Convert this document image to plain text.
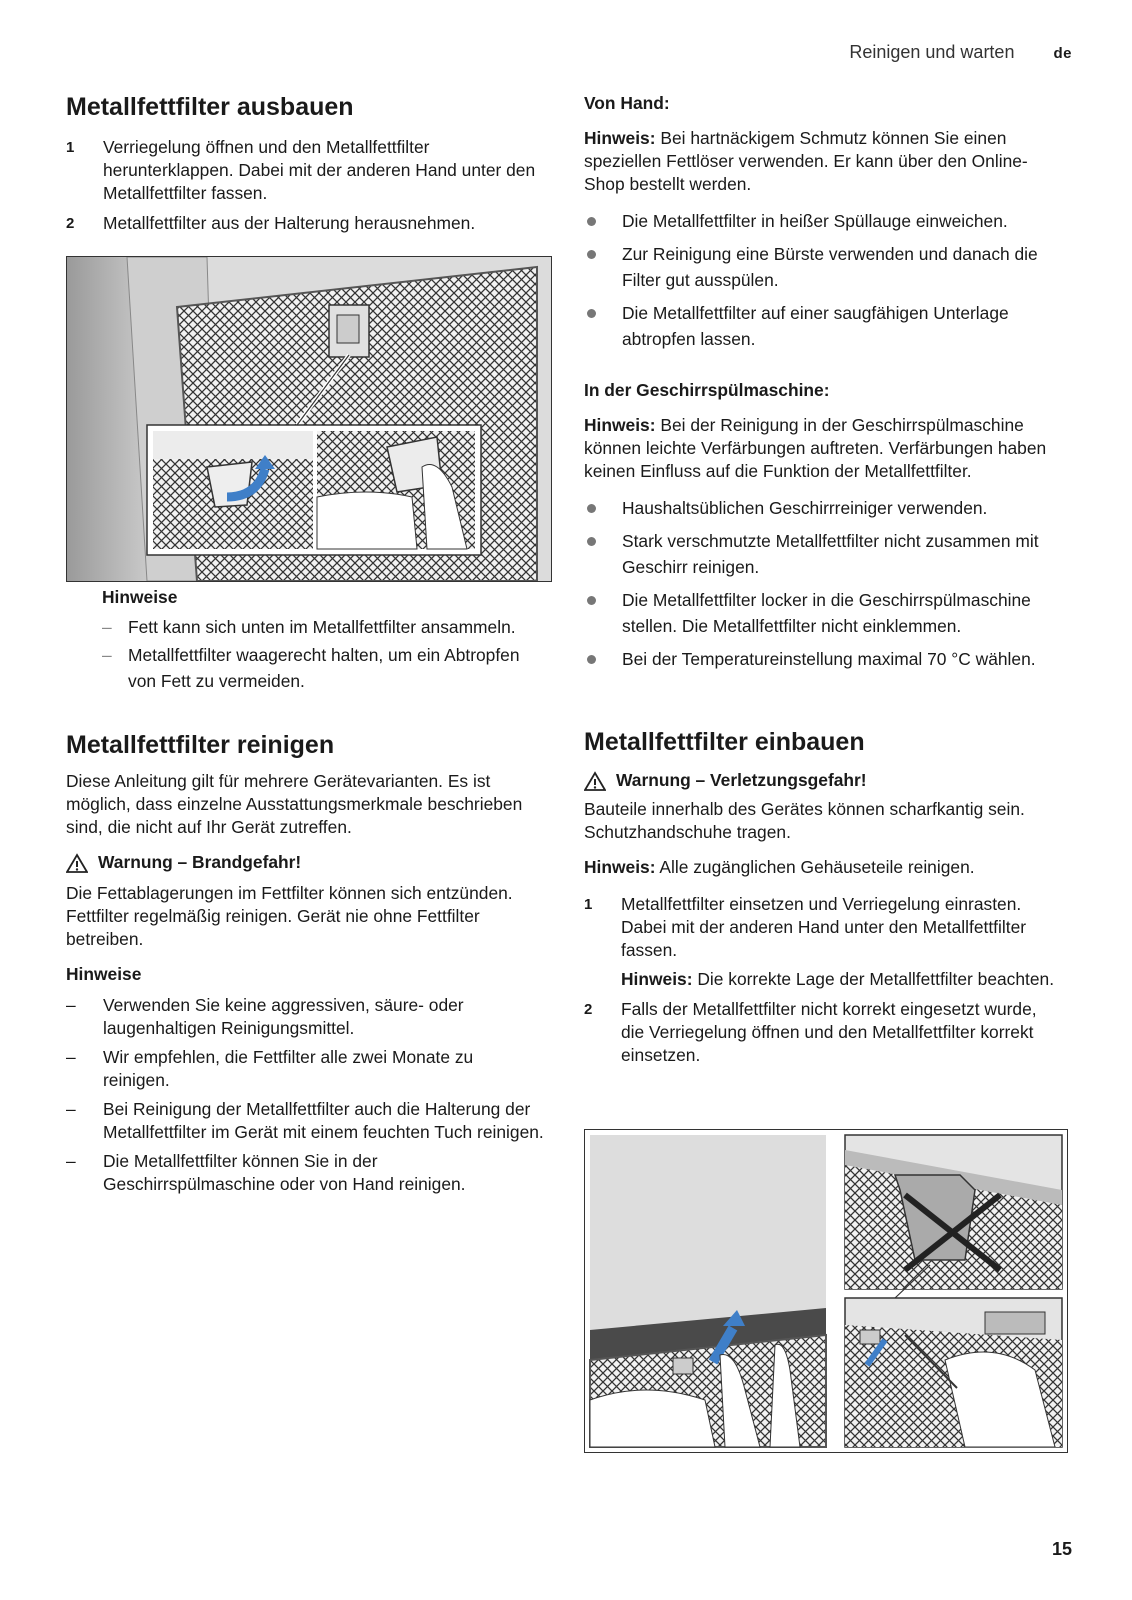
Reinigen und warten	de
Metallfettfilter ausbauen
1 Verriegelung öffnen und den Metallfettfilter herunterklappen. Dabei mit der anderen Hand unter den Metallfettfilter fassen.
2 Metallfettfilter aus der Halterung herausnehmen.
Hinweise
– Fett kann sich unten im Metallfettfilter ansammeln.
– Metallfettfilter waagerecht halten, um ein Abtropfen von Fett zu vermeiden.
Metallfettfilter reinigen
Diese Anleitung gilt für mehrere Gerätevarianten. Es ist möglich, dass einzelne Ausstattungsmerkmale beschrieben sind, die nicht auf Ihr Gerät zutreffen.
Warnung – Brandgefahr!
Die Fettablagerungen im Fettfilter können sich entzünden. Fettfilter regelmäßig reinigen. Gerät nie ohne Fettfilter betreiben.
Hinweise
– Verwenden Sie keine aggressiven, säure- oder laugenhaltigen Reinigungsmittel.
– Wir empfehlen, die Fettfilter alle zwei Monate zu reinigen.
– Bei Reinigung der Metallfettfilter auch die Halterung der Metallfettfilter im Gerät mit einem feuchten Tuch reinigen.
– Die Metallfettfilter können Sie in der Geschirrspülmaschine oder von Hand reinigen.
Von Hand:
Hinweis: Bei hartnäckigem Schmutz können Sie einen speziellen Fettlöser verwenden. Er kann über den Online-Shop bestellt werden.
Die Metallfettfilter in heißer Spüllauge einweichen.
Zur Reinigung eine Bürste verwenden und danach die Filter gut ausspülen.
Die Metallfettfilter auf einer saugfähigen Unterlage abtropfen lassen.
In der Geschirrspülmaschine:
Hinweis: Bei der Reinigung in der Geschirrspülmaschine können leichte Verfärbungen auftreten. Verfärbungen haben keinen Einfluss auf die Funktion der Metallfettfilter.
Haushaltsüblichen Geschirrreiniger verwenden.
Stark verschmutzte Metallfettfilter nicht zusammen mit Geschirr reinigen.
Die Metallfettfilter locker in die Geschirrspülmaschine stellen. Die Metallfettfilter nicht einklemmen.
Bei der Temperatureinstellung maximal 70 °C wählen.
Metallfettfilter einbauen
Warnung – Verletzungsgefahr!
Bauteile innerhalb des Gerätes können scharfkantig sein. Schutzhandschuhe tragen.
Hinweis: Alle zugänglichen Gehäuseteile reinigen.
1 Metallfettfilter einsetzen und Verriegelung einrasten. Dabei mit der anderen Hand unter den Metallfettfilter fassen.
Hinweis: Die korrekte Lage der Metallfettfilter beachten.
2 Falls der Metallfettfilter nicht korrekt eingesetzt wurde, die Verriegelung öffnen und den Metallfettfilter korrekt einsetzen.
15
